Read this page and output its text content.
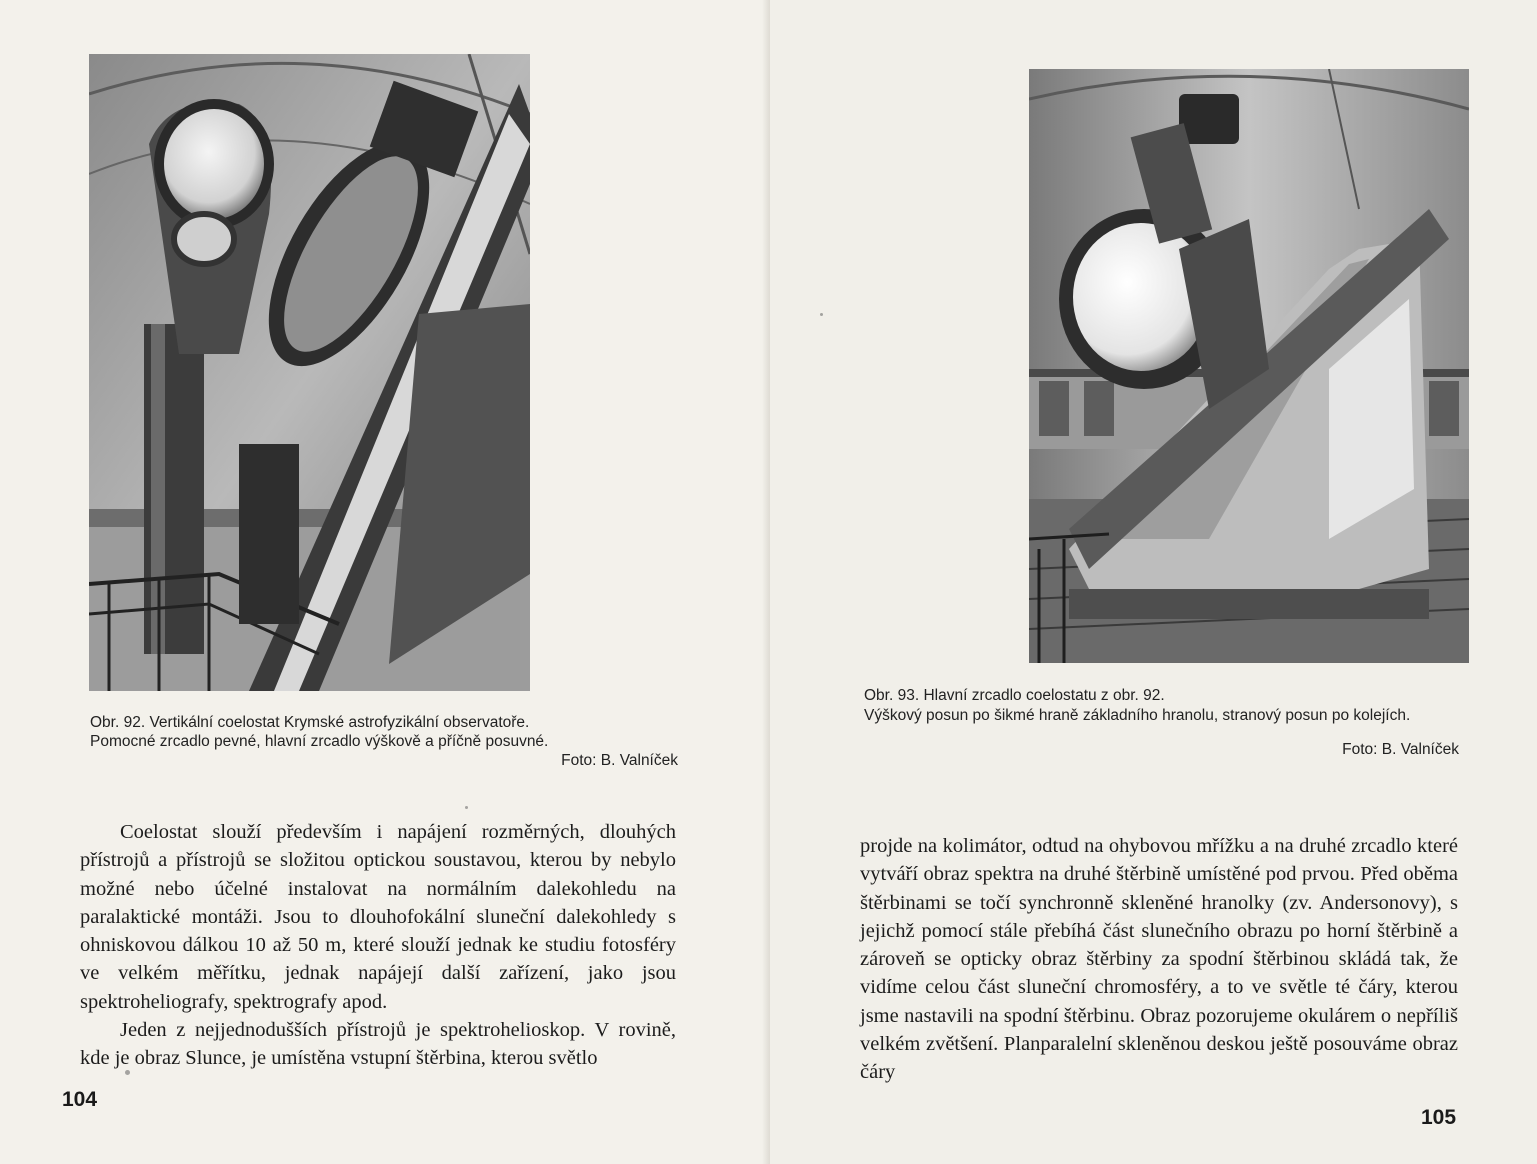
Obr. 92. Vertikální coelostat Krymské astrofyzikální observatoře.

Pomocné zrcadlo pevné, hlavní zrcadlo výškově a příčně posuvné.

Foto: B. Valníček

Coelostat slouží především i napájení rozměrných, dlouhých přístrojů a přístrojů se složitou optickou soustavou, kterou by nebylo možné nebo účelné instalovat na normálním dalekohledu na paralaktické montáži. Jsou to dlouhofokální sluneční dalekohledy s ohniskovou dálkou 10 až 50 m, které slouží jednak ke studiu fotosféry ve velkém měřítku, jednak napájejí další zařízení, jako jsou spektroheliografy, spektrografy apod.

Jeden z nejjednodušších přístrojů je spektrohelioskop. V rovině, kde je obraz Slunce, je umístěna vstupní štěrbina, kterou světlo

104

Obr. 93. Hlavní zrcadlo coelostatu z obr. 92.

Výškový posun po šikmé hraně základního hranolu, stranový posun po kolejích.

Foto: B. Valníček

projde na kolimátor, odtud na ohybovou mřížku a na druhé zrcadlo které vytváří obraz spektra na druhé štěrbině umístěné pod prvou. Před oběma štěrbinami se točí synchronně skleněné hranolky (zv. Andersonovy), s jejichž pomocí stále přebíhá část slunečního obrazu po horní štěrbině a zároveň se opticky obraz štěrbiny za spodní štěrbinou skládá tak, že vidíme celou část sluneční chromosféry, a to ve světle té čáry, kterou jsme nastavili na spodní štěrbinu. Obraz pozorujeme okulárem o nepříliš velkém zvětšení. Planparalelní skleněnou deskou ještě posouváme obraz čáry

105
